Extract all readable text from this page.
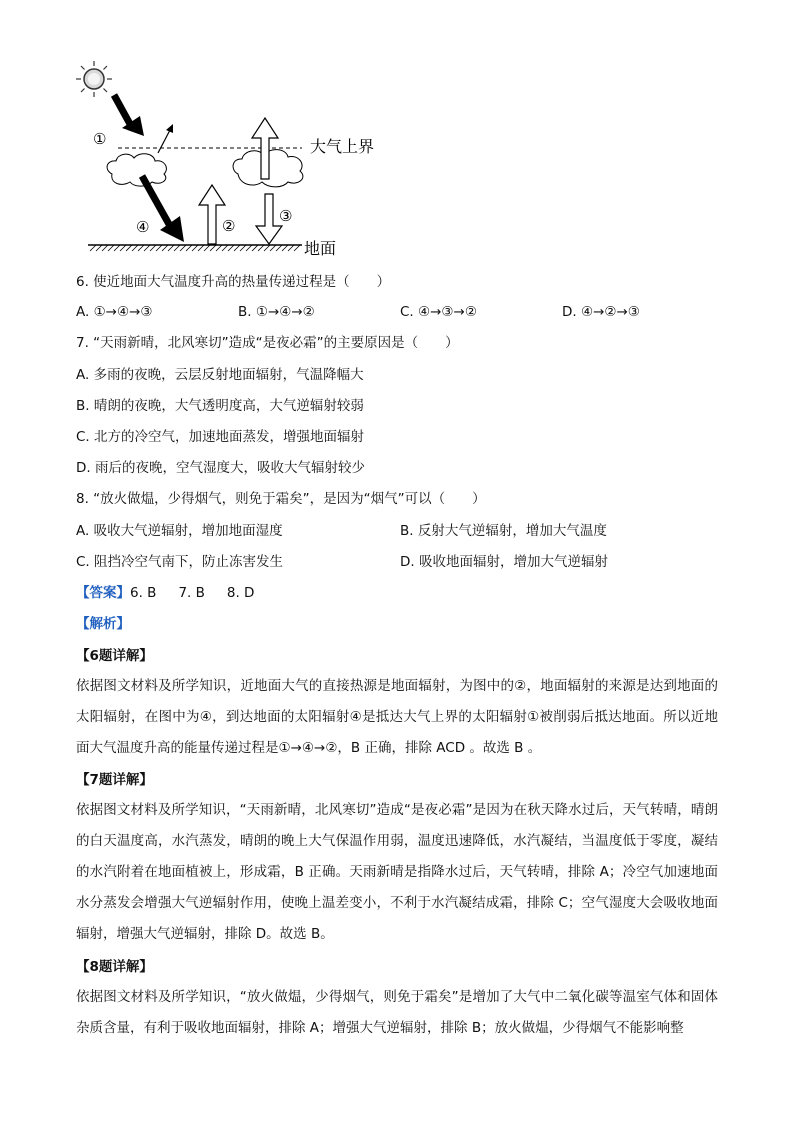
①	大气上界
④	②
③
地面
6. 使近地面大气温度升高的热量传递过程是（　　）
A. ①→④→③	B. ①→④→②	C. ④→③→②	D. ④→②→③
7. “天雨新晴，北风寒切”造成“是夜必霜”的主要原因是（　　）
A. 多雨的夜晚，云层反射地面辐射，气温降幅大
B. 晴朗的夜晚，大气透明度高，大气逆辐射较弱
C. 北方的冷空气，加速地面蒸发，增强地面辐射
D. 雨后的夜晚，空气湿度大，吸收大气辐射较少
8. “放火做煴，少得烟气，则免于霜矣”，是因为“烟气”可以（　　）
A. 吸收大气逆辐射，增加地面湿度	B. 反射大气逆辐射，增加大气温度
C. 阻挡冷空气南下，防止冻害发生	D. 吸收地面辐射，增加大气逆辐射
【答案】6. B 7. B 8. D
【解析】
【6题详解】
依据图文材料及所学知识，近地面大气的直接热源是地面辐射，为图中的②，地面辐射的来源是达到地面的太阳辐射，在图中为④，到达地面的太阳辐射④是抵达大气上界的太阳辐射①被削弱后抵达地面。所以近地面大气温度升高的能量传递过程是①→④→②，B 正确，排除 ACD 。故选 B 。
【7题详解】
依据图文材料及所学知识，“天雨新晴，北风寒切”造成“是夜必霜”是因为在秋天降水过后，天气转晴，晴朗的白天温度高，水汽蒸发，晴朗的晚上大气保温作用弱，温度迅速降低，水汽凝结，当温度低于零度，凝结的水汽附着在地面植被上，形成霜，B 正确。天雨新晴是指降水过后，天气转晴，排除 A；冷空气加速地面水分蒸发会增强大气逆辐射作用，使晚上温差变小，不利于水汽凝结成霜，排除 C；空气湿度大会吸收地面辐射，增强大气逆辐射，排除 D。故选 B。
【8题详解】
依据图文材料及所学知识，“放火做煴，少得烟气，则免于霜矣”是增加了大气中二氧化碳等温室气体和固体杂质含量，有利于吸收地面辐射，排除 A；增强大气逆辐射，排除 B；放火做煴，少得烟气不能影响整
